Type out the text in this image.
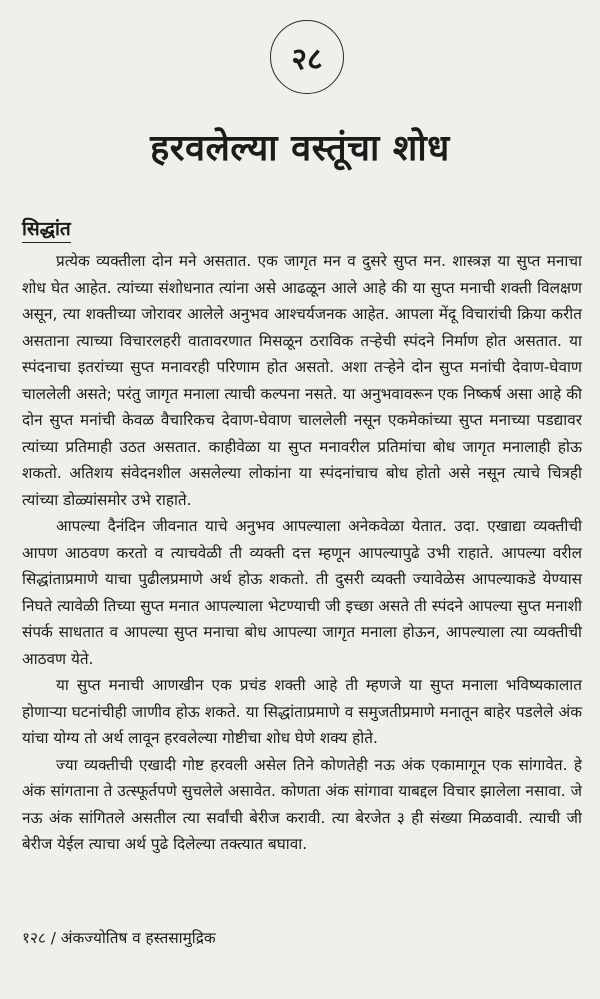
२८
हरवलेल्या वस्तूंचा शोध
सिद्धांत

प्रत्येक व्यक्तीला दोन मने असतात. एक जागृत मन व दुसरे सुप्त मन. शास्त्रज्ञ या सुप्त मनाचा शोध घेत आहेत. त्यांच्या संशोधनात त्यांना असे आढळून आले आहे की या सुप्त मनाची शक्ती विलक्षण असून, त्या शक्तीच्या जोरावर आलेले अनुभव आश्चर्यजनक आहेत. आपला मेंदू विचारांची क्रिया करीत असताना त्याच्या विचारलहरी वातावरणात मिसळून ठराविक तऱ्हेची स्पंदने निर्माण होत असतात. या स्पंदनाचा इतरांच्या सुप्त मनावरही परिणाम होत असतो. अशा तऱ्हेने दोन सुप्त मनांची देवाण-घेवाण चाललेली असते; परंतु जागृत मनाला त्याची कल्पना नसते. या अनुभवावरून एक निष्कर्ष असा आहे की दोन सुप्त मनांची केवळ वैचारिकच देवाण-घेवाण चाललेली नसून एकमेकांच्या सुप्त मनाच्या पडद्यावर त्यांच्या प्रतिमाही उठत असतात. काहीवेळा या सुप्त मनावरील प्रतिमांचा बोध जागृत मनालाही होऊ शकतो. अतिशय संवेदनशील असलेल्या लोकांना या स्पंदनांचाच बोध होतो असे नसून त्याचे चित्रही त्यांच्या डोळ्यांसमोर उभे राहाते.

आपल्या दैनंदिन जीवनात याचे अनुभव आपल्याला अनेकवेळा येतात. उदा. एखाद्या व्यक्तीची आपण आठवण करतो व त्याचवेळी ती व्यक्ती दत्त म्हणून आपल्यापुढे उभी राहाते. आपल्या वरील सिद्धांताप्रमाणे याचा पुढीलप्रमाणे अर्थ होऊ शकतो. ती दुसरी व्यक्ती ज्यावेळेस आपल्याकडे येण्यास निघते त्यावेळी तिच्या सुप्त मनात आपल्याला भेटण्याची जी इच्छा असते ती स्पंदने आपल्या सुप्त मनाशी संपर्क साधतात व आपल्या सुप्त मनाचा बोध आपल्या जागृत मनाला होऊन, आपल्याला त्या व्यक्तीची आठवण येते.

या सुप्त मनाची आणखीन एक प्रचंड शक्ती आहे ती म्हणजे या सुप्त मनाला भविष्यकालात होणाऱ्या घटनांचीही जाणीव होऊ शकते. या सिद्धांताप्रमाणे व समुजतीप्रमाणे मनातून बाहेर पडलेले अंक यांचा योग्य तो अर्थ लावून हरवलेल्या गोष्टीचा शोध घेणे शक्य होते.

ज्या व्यक्तीची एखादी गोष्ट हरवली असेल तिने कोणतेही नऊ अंक एकामागून एक सांगावेत. हे अंक सांगताना ते उत्स्फूर्तपणे सुचलेले असावेत. कोणता अंक सांगावा याबद्दल विचार झालेला नसावा. जे नऊ अंक सांगितले असतील त्या सर्वांची बेरीज करावी. त्या बेरजेत ३ ही संख्या मिळवावी. त्याची जी बेरीज येईल त्याचा अर्थ पुढे दिलेल्या तक्त्यात बघावा.

१२८ / अंकज्योतिष व हस्तसामुद्रिक
